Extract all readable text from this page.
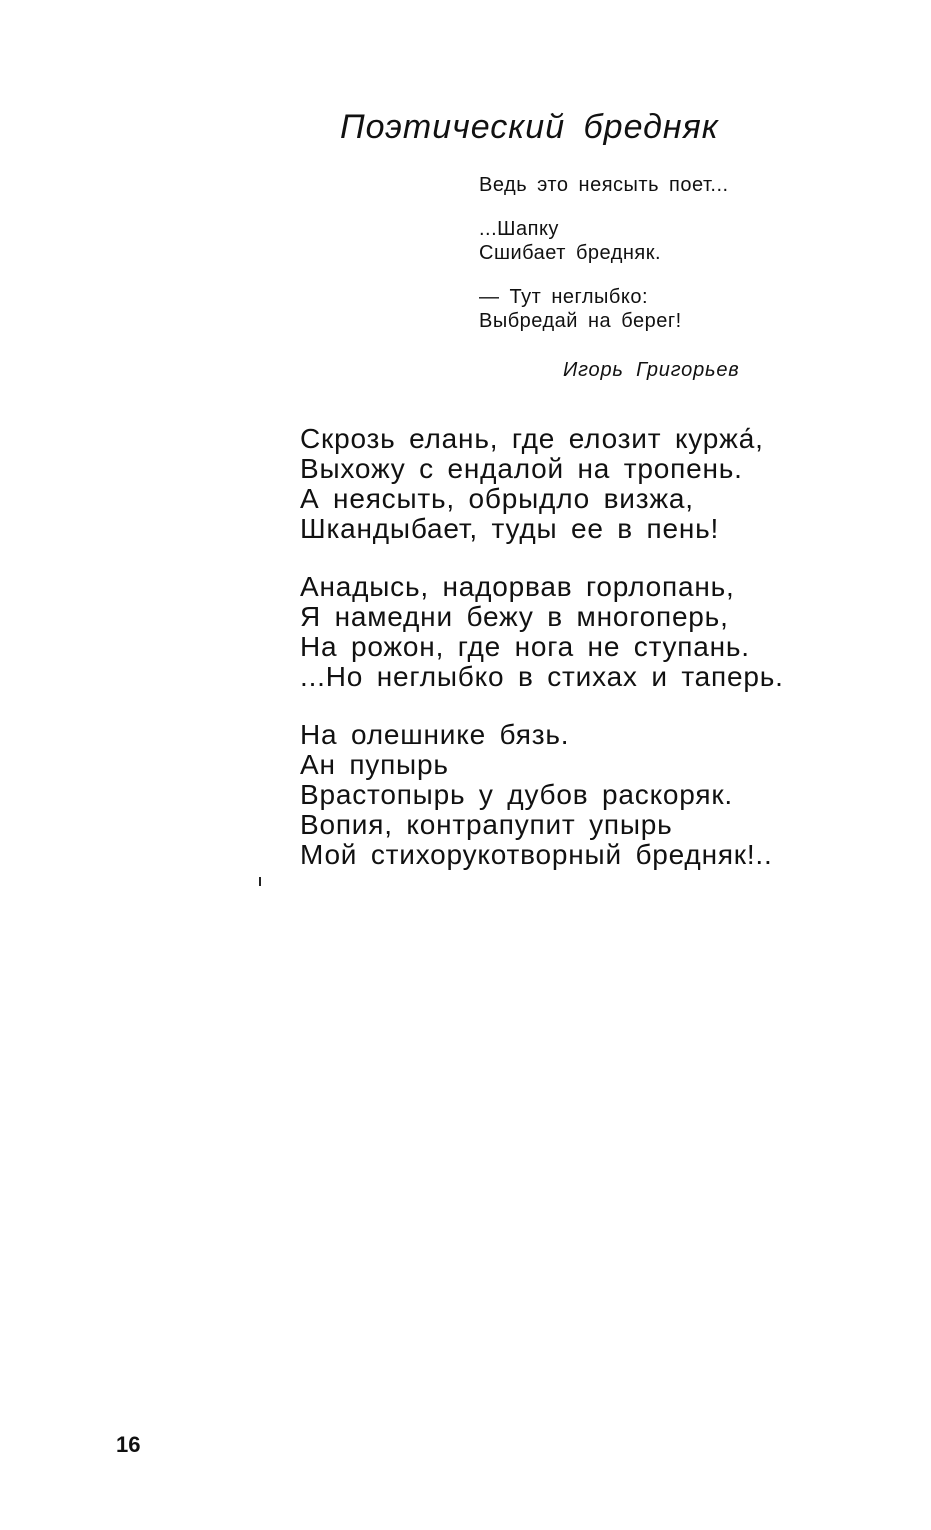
Поэтический бредняк
Ведь это неясыть поет...
...Шапку
Сшибает бредняк.
— Тут неглыбко:
Выбредай на берег!
Игорь Григорьев
Скрозь елань, где елозит куржа́,
Выхожу с ендалой на тропень.
А неясыть, обрыдло визжа,
Шкандыбает, туды ее в пень!
Анадысь, надорвав горлопань,
Я намедни бежу в многоперь,
На рожон, где нога не ступань.
...Но неглыбко в стихах и таперь.
На олешнике бязь.
Ан пупырь
Врастопырь у дубов раскоряк.
Вопия, контрапупит упырь
Мой стихорукотворный бредняк!..
16
